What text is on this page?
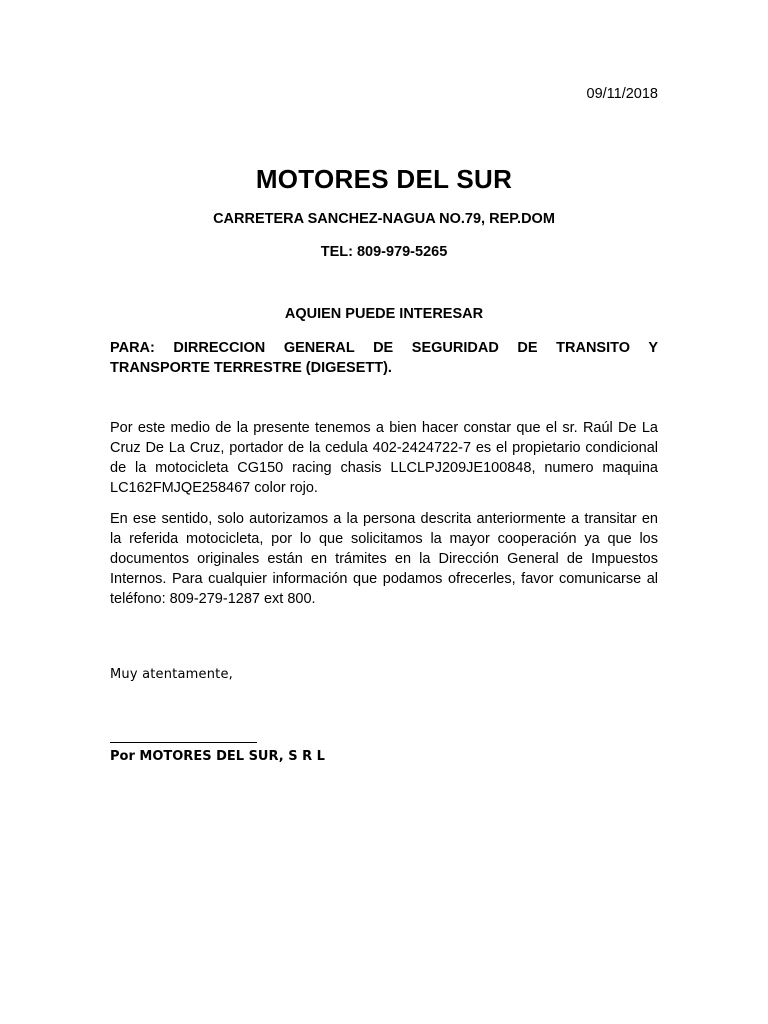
09/11/2018
MOTORES DEL SUR
CARRETERA SANCHEZ-NAGUA NO.79, REP.DOM
TEL: 809-979-5265
AQUIEN PUEDE INTERESAR
PARA: DIRRECCION GENERAL DE SEGURIDAD DE TRANSITO Y TRANSPORTE TERRESTRE (DIGESETT).
Por este medio de la presente tenemos a bien hacer constar que el sr. Raúl De La Cruz De La Cruz, portador de la cedula 402-2424722-7 es el propietario condicional de la motocicleta CG150 racing chasis LLCLPJ209JE100848, numero maquina LC162FMJQE258467 color rojo.
En ese sentido, solo autorizamos a la persona descrita anteriormente a transitar en la referida motocicleta, por lo que solicitamos la mayor cooperación ya que los documentos originales están en trámites en la Dirección General de Impuestos Internos. Para cualquier información que podamos ofrecerles, favor comunicarse al teléfono: 809-279-1287 ext 800.
Muy atentamente,
Por MOTORES DEL SUR, S R L
